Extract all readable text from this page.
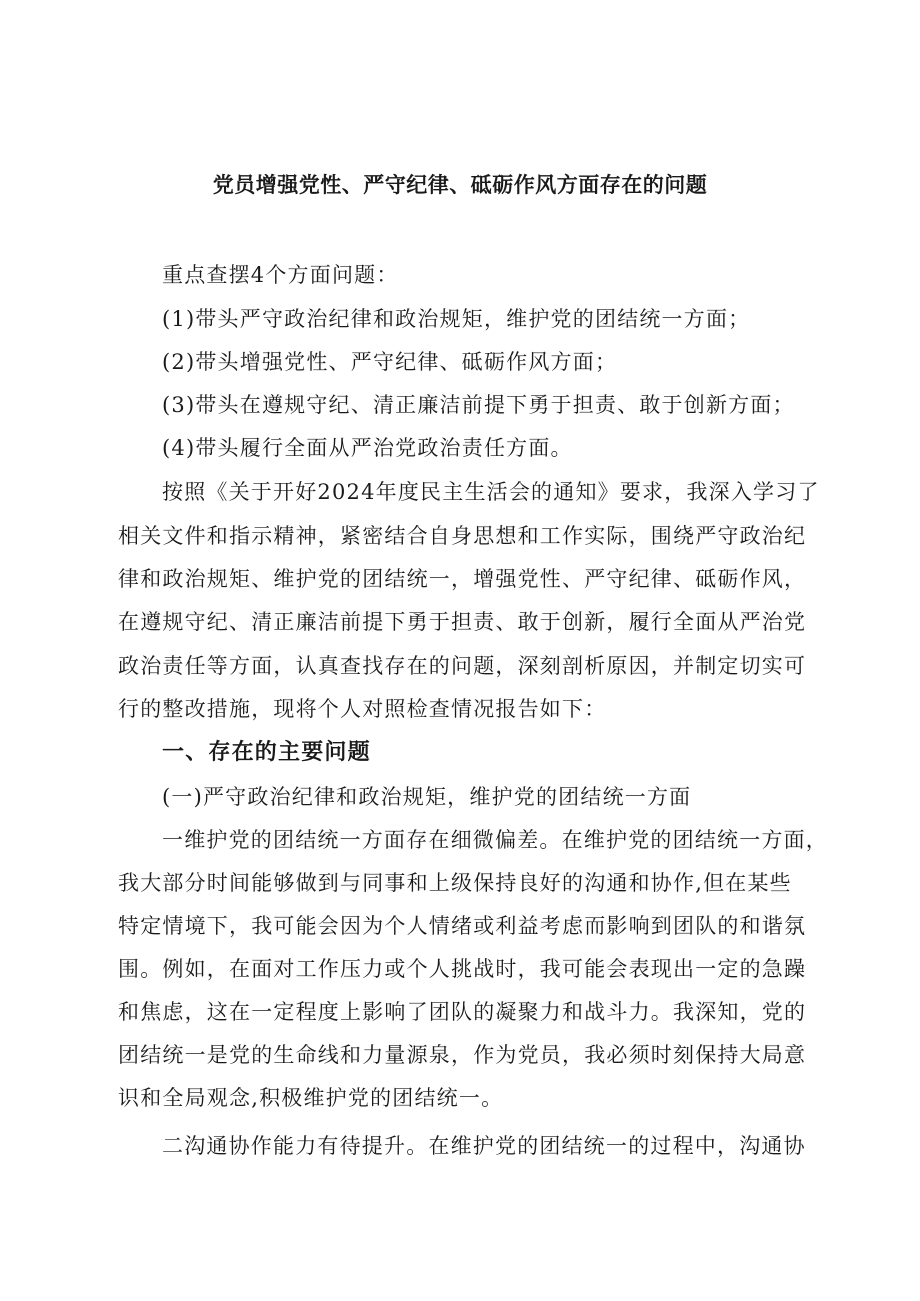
党员增强党性、严守纪律、砥砺作风方面存在的问题
重点查摆4个方面问题：
(1)带头严守政治纪律和政治规矩，维护党的团结统一方面；
(2)带头增强党性、严守纪律、砥砺作风方面；
(3)带头在遵规守纪、清正廉洁前提下勇于担责、敢于创新方面；
(4)带头履行全面从严治党政治责任方面。
按照《关于开好2024年度民主生活会的通知》要求，我深入学习了
相关文件和指示精神，紧密结合自身思想和工作实际，围绕严守政治纪
律和政治规矩、维护党的团结统一，增强党性、严守纪律、砥砺作风，
在遵规守纪、清正廉洁前提下勇于担责、敢于创新，履行全面从严治党
政治责任等方面，认真查找存在的问题，深刻剖析原因，并制定切实可
行的整改措施，现将个人对照检查情况报告如下：
一、存在的主要问题
(一)严守政治纪律和政治规矩，维护党的团结统一方面
一维护党的团结统一方面存在细微偏差。在维护党的团结统一方面，
我大部分时间能够做到与同事和上级保持良好的沟通和协作,但在某些
特定情境下，我可能会因为个人情绪或利益考虑而影响到团队的和谐氛
围。例如，在面对工作压力或个人挑战时，我可能会表现出一定的急躁
和焦虑，这在一定程度上影响了团队的凝聚力和战斗力。我深知，党的
团结统一是党的生命线和力量源泉，作为党员，我必须时刻保持大局意
识和全局观念,积极维护党的团结统一。
二沟通协作能力有待提升。在维护党的团结统一的过程中，沟通协
